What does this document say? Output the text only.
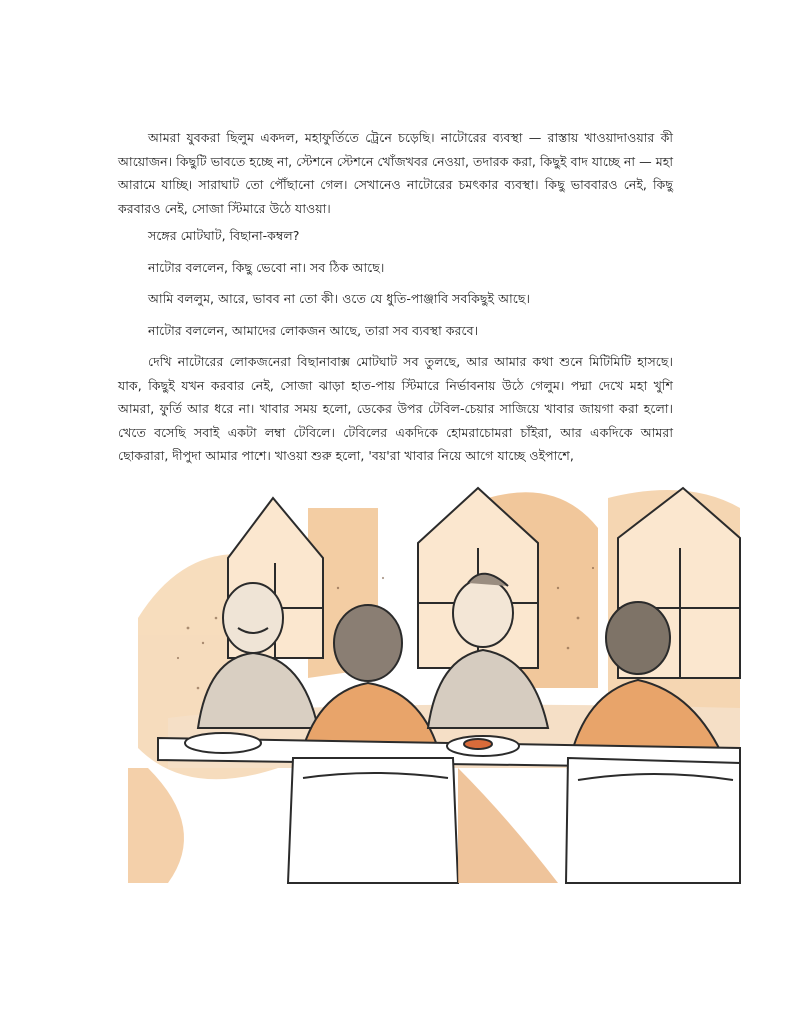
আমরা যুবকরা ছিলুম একদল, মহাফুর্তিতে ট্রেনে চড়েছি। নাটোরের ব্যবস্থা — রাস্তায় খাওয়াদাওয়ার কী আয়োজন। কিছুটি ভাবতে হচ্ছে না, স্টেশনে স্টেশনে খোঁজখবর নেওয়া, তদারক করা, কিছুই বাদ যাচ্ছে না — মহা আরামে যাচ্ছি। সারাঘাট তো পৌঁছানো গেল। সেখানেও নাটোরের চমৎকার ব্যবস্থা। কিছু ভাববারও নেই, কিছু করবারও নেই, সোজা স্টিমারে উঠে যাওয়া।

সঙ্গের মোটঘাট, বিছানা-কম্বল?

নাটোর বললেন, কিছু ভেবো না। সব ঠিক আছে।

আমি বললুম, আরে, ভাবব না তো কী। ওতে যে ধুতি-পাঞ্জাবি সবকিছুই আছে।

নাটোর বললেন, আমাদের লোকজন আছে, তারা সব ব্যবস্থা করবে।

দেখি নাটোরের লোকজনেরা বিছানাবাক্স মোটঘাট সব তুলছে, আর আমার কথা শুনে মিটিমিটি হাসছে। যাক, কিছুই যখন করবার নেই, সোজা ঝাড়া হাত-পায় স্টিমারে নির্ভাবনায় উঠে গেলুম। পদ্মা দেখে মহা খুশি আমরা, ফুর্তি আর ধরে না। খাবার সময় হলো, ডেকের উপর টেবিল-চেয়ার সাজিয়ে খাবার জায়গা করা হলো। খেতে বসেছি সবাই একটা লম্বা টেবিলে। টেবিলের একদিকে হোমরাচোমরা চাঁইরা, আর একদিকে আমরা ছোকরারা, দীপুদা আমার পাশে। খাওয়া শুরু হলো, 'বয়'রা খাবার নিয়ে আগে যাচ্ছে ওইপাশে,
